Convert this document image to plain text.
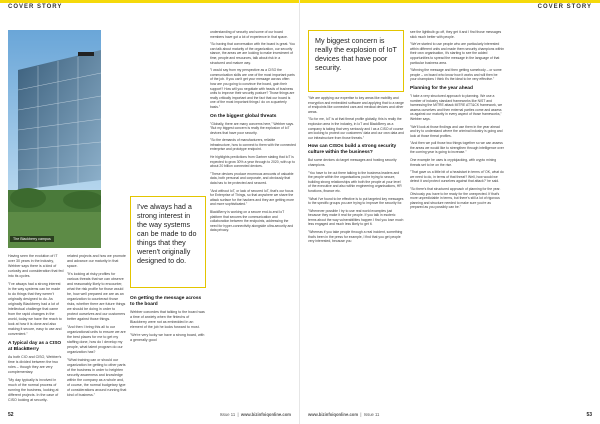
COVER STORY
The Blackberry campus

Having seen the evolution of IT over 30 years in the industry, Webber says there is a kind of curiosity and consideration that fed into its cycles.

"I've always had a strong interest in the way systems can be made to do things that they weren't originally designed to do. As originally Blackberry had a lot of intellectual challenge that came from the rapid changes in the world, today we have the reach to look at how it is done and also making it secure, easy to use and convenient."

A typical day as a CISO at BlackBerry

As both CIO and CISO, Webber's time is divided between the two roles – though they are very complementary.

"My day typically is involved in much of the normal process of running the business, looking at different projects. In the case of CISO looking at security-

related projects and how we promote and advance our maturity in that space.

"It's looking at risky profiles for various threats that we can observe and reasonably likely to encounter, what the risk profile for those would be, how well prepared we are as an organization to counteract those risks, whether there are future things we should be doing in order to protect ourselves and our customers better against those things.

"And then I bring this all to our organizational units to ensure we are the best places for me to get my staffing done, how do I develop my people, what talent program do our organization has?

"What training can or should our organization be getting to other parts of the business in order to heighten security awareness and knowledge within the company as a whole and, of course, the normal budgetary type of considerations around running that kind of business."

I've always had a strong interest in the way systems can be made to do things that they weren't originally designed to do.
On getting the message across to the board

Webber concedes that talking to the board was a time of anxiety when the fintechs of Blackberry were not as embedded in an element of the job he looks forward to most.

"We're very lucky we have a strong board, with a generally good

understanding of security and some of our board members have got a lot of experience in that space.

"So having that conversation with the board is great. You can talk about maturity of the organization, our security stance, the areas we are looking to make investment of time, people and resources, talk about risk in a structured and mature way.

"I would say from my perspective as a CISO the communication skills are one of the most important parts of the job. If you can't get your message across often how are you going to convince the board, gain their support? How will you negotiate with heads of business units to improve their security posture? Those things are really critically important and the fact that our board is one of the most important things I do on a quarterly basis."

On the biggest global threats

"Globally, there are many concerns here," Webber says. "But my biggest concern is really the explosion of IoT devices that have poor security.

"So the demands of manufacturers, reliable infrastructure, how to connect to them with the connected enterprise and prototype endpoint.

He highlights predictions from Gartner stating that IoT is expected to grow 30% a year through to 2020, with up to about 20 billion connected devices.

"These devices produce enormous amounts of valuable data, both personal and corporate, and obviously that data has to be protected and secured.

"And without IoT, or lack of secured IoT, that's our focus for Enterprise of Things, so that anywhere we share the attack surface for the hackers and they are getting more and more sophisticated."

BlackBerry is working on a secure end-to-end IoT platform that secures the communication and collaboration between the endpoints, addressing the need for hyper-connectivity alongside ultra-security and data privacy.

52	Issue 11  |  www.bizinfoiqonline.com
COVER STORY
My biggest concern is really the explosion of IoT devices that have poor security.

"We are applying our expertise to key areas like mobility and encryption and embedded software and applying that to a range of endpoints like connected cars and medical devices and other areas.

"So for me, IoT is at that threat profile globally, this is really the explosion area in the industry, in IoT and BlackBerry as a company is taking that very seriously and I as a CISO of course am looking to protect our customers' data and our own data and our infrastructure from those threats."

How can CISOs build a strong security culture within the business?

But some devices do target messages and hosting security champions.

"You have to be out there talking to the business leaders and the people within the organisations you're trying to secure, building strong relationships with both the people at your level of the executive and also within engineering organisations, HR functions, finance etc.

"What I've found to be effective is to put targeted key messages to the specific groups you are trying to improve the security for.

"Whenever possible I try to use real world examples just because they make it real for people. If you talk in esoteric terms about the way vulnerabilities happen I find you lose much less engaged and much less likely to get it.

"Whereas if you take people through a real incident, something that's been in the press for example, I find that you get people very interested, because you

see the lightbulb go off, they get it and I find those messages stick much better with people.

"We've started to use people who are particularly interested within different units and made them security champions within their own organisation, it's starting to see the added opportunities to spread the message in the language of that particular business area.

"Winning the message and then getting somebody – or some people – on board who know how it works and will then be your champions I think it's the ideal to be very effective."

Planning for the year ahead

"I take a very structured approach to planning. We use a number of industry standard frameworks like NIST and harnessing the MITRE attack MITRE ATT&CK framework, we assess ourselves and then external parties come and assess us against our maturity in every aspect of those frameworks," Webber says.

"We'll look at those findings and use them in the year ahead and try to understand where the criminal industry is going and look at those threat profiles.

"And then we pull those two things together so we can assess the areas we would like to strengthen through intelligence over the coming year is going to increase."

One example he uses is cryptojacking, with crypto mining threats set to be on the rise.

"That gave us a little bit of a headstart in terms of 'OK, what do we need to do, in terms of that threat? Well, how would we detect it and protect ourselves against that attack?' he said.

"So there's that structured approach of planning for the year. Obviously you have to be ready for the unexpected. If that's more unpredictable in terms, but there's still a lot of rigorous planning and structure needed to make sure you're as prepared as you possibly can be."

www.bizinfoiqonline.com  |  Issue 11	53
